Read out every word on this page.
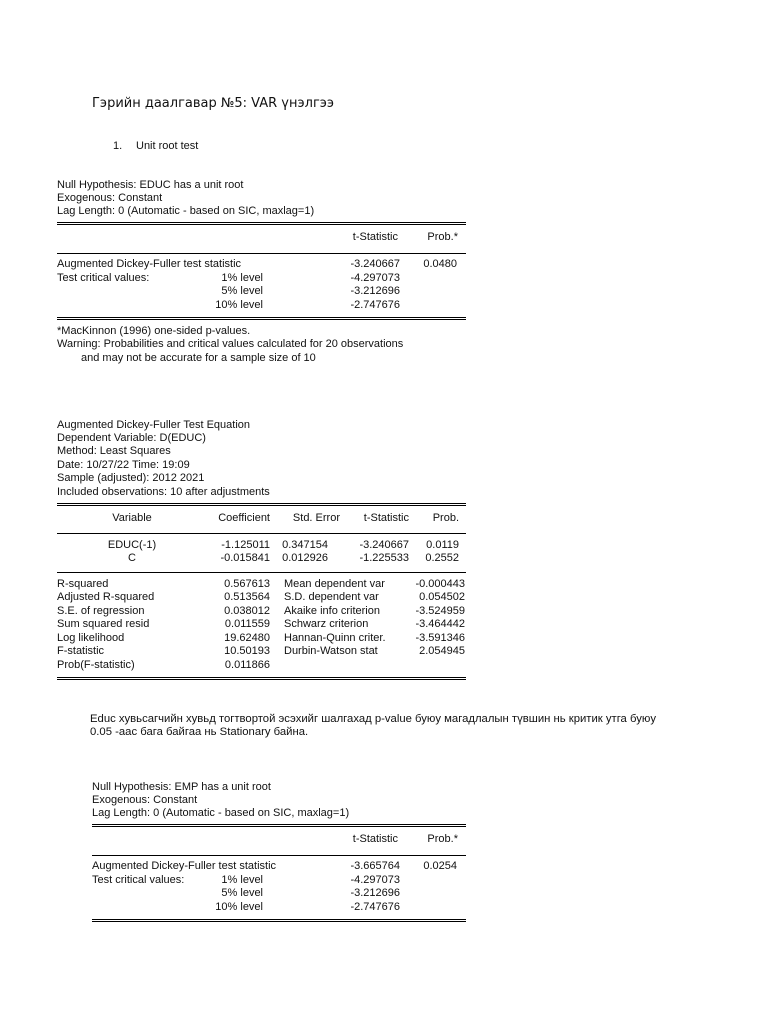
Гэрийн даалгавар №5: VAR үнэлгээ
1. Unit root test
Null Hypothesis: EDUC has a unit root
Exogenous: Constant
Lag Length: 0 (Automatic - based on SIC, maxlag=1)
t-Statistic	Prob.*
Augmented Dickey-Fuller test statistic	-3.240667	0.0480
Test critical values:	1% level	-4.297073
5% level	-3.212696
10% level	-2.747676
*MacKinnon (1996) one-sided p-values.
Warning: Probabilities and critical values calculated for 20 observations
and may not be accurate for a sample size of 10
Augmented Dickey-Fuller Test Equation
Dependent Variable: D(EDUC)
Method: Least Squares
Date: 10/27/22 Time: 19:09
Sample (adjusted): 2012 2021
Included observations: 10 after adjustments
Variable	Coefficient	Std. Error	t-Statistic	Prob.
EDUC(-1)	-1.125011	0.347154	-3.240667	0.0119
C	-0.015841	0.012926	-1.225533	0.2552
R-squared	0.567613 Mean dependent var	-0.000443
Adjusted R-squared	0.513564 S.D. dependent var	0.054502
S.E. of regression	0.038012 Akaike info criterion	-3.524959
Sum squared resid	0.011559 Schwarz criterion	-3.464442
Log likelihood	19.62480 Hannan-Quinn criter.	-3.591346
F-statistic	10.50193 Durbin-Watson stat	2.054945
Prob(F-statistic)	0.011866
Educ хувьсагчийн хувьд тогтвортой эсэхийг шалгахад p-value буюу магадлалын түвшин нь критик утга буюу
0.05 -аас бага байгаа нь Stationary байна.
Null Hypothesis: EMP has a unit root
Exogenous: Constant
Lag Length: 0 (Automatic - based on SIC, maxlag=1)
t-Statistic	Prob.*
Augmented Dickey-Fuller test statistic	-3.665764	0.0254
Test critical values:	1% level	-4.297073
5% level	-3.212696
10% level	-2.747676
